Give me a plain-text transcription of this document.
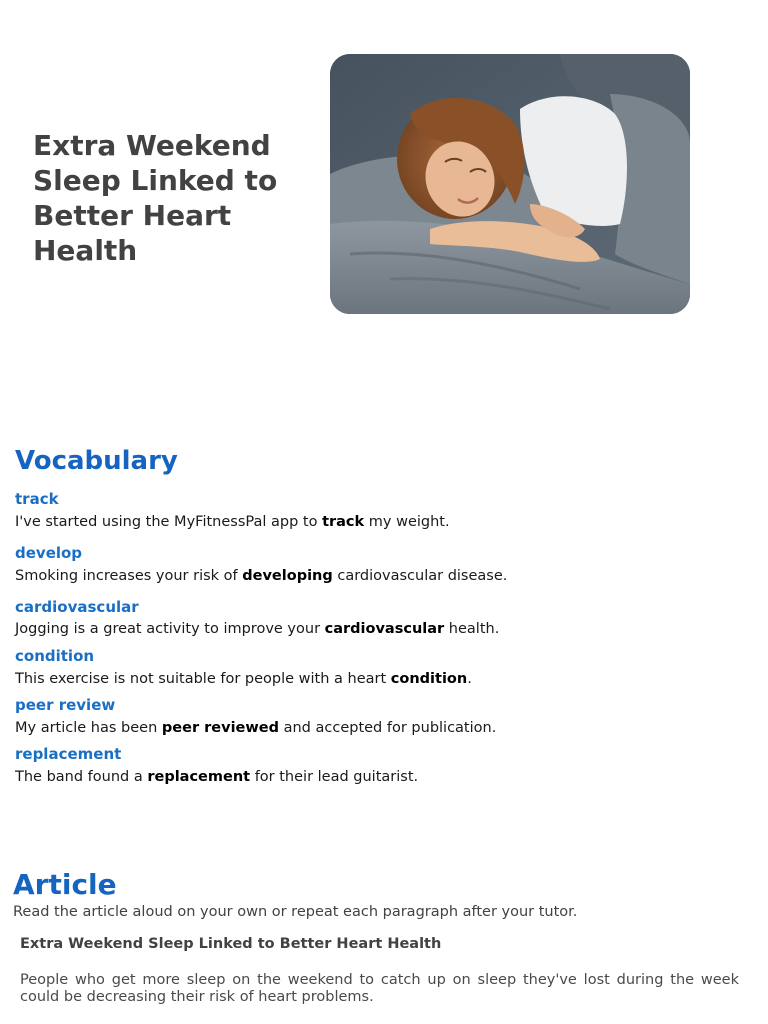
Extra Weekend Sleep Linked to Better Heart Health
Vocabulary
track
I've started using the MyFitnessPal app to track my weight.
develop
Smoking increases your risk of developing cardiovascular disease.
cardiovascular
Jogging is a great activity to improve your cardiovascular health.
condition
This exercise is not suitable for people with a heart condition.
peer review
My article has been peer reviewed and accepted for publication.
replacement
The band found a replacement for their lead guitarist.
Article
Read the article aloud on your own or repeat each paragraph after your tutor.
Extra Weekend Sleep Linked to Better Heart Health

People who get more sleep on the weekend to catch up on sleep they've lost during the week could be decreasing their risk of heart problems.
